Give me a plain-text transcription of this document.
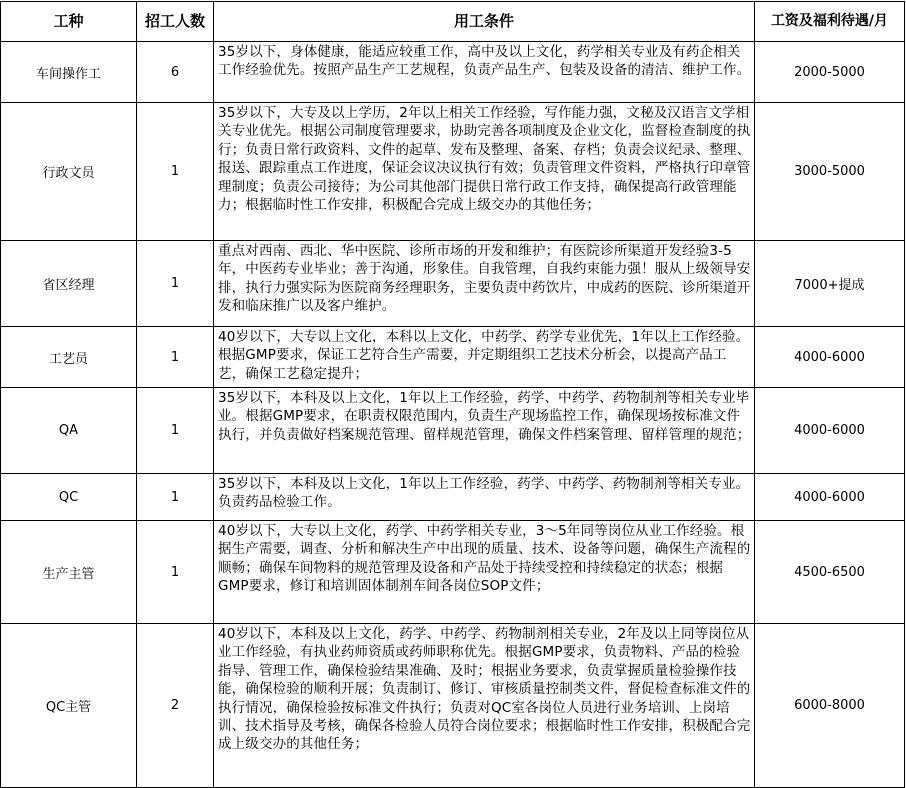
工种	招工人数	用工条件	工资及福利待遇/月
车间操作工	6	35岁以下，身体健康，能适应较重工作，高中及以上文化，药学相关专业及有药企相关工作经验优先。按照产品生产工艺规程，负责产品生产、包装及设备的清洁、维护工作。	2000-5000
行政文员	1	35岁以下，大专及以上学历，2年以上相关工作经验，写作能力强，文秘及汉语言文学相关专业优先。根据公司制度管理要求，协助完善各项制度及企业文化，监督检查制度的执行；负责日常行政资料、文件的起草、发布及整理、备案、存档；负责会议纪录、整理、报送、跟踪重点工作进度，保证会议决议执行有效；负责管理文件资料，严格执行印章管理制度；负责公司接待；为公司其他部门提供日常行政工作支持，确保提高行政管理能力；根据临时性工作安排，积极配合完成上级交办的其他任务；	3000-5000
省区经理	1	重点对西南、西北、华中医院、诊所市场的开发和维护；有医院诊所渠道开发经验3-5年，中医药专业毕业；善于沟通，形象佳。自我管理，自我约束能力强！服从上级领导安排，执行力强实际为医院商务经理职务，主要负责中药饮片，中成药的医院、诊所渠道开发和临床推广以及客户维护。	7000+提成
工艺员	1	40岁以下，大专以上文化，本科以上文化，中药学、药学专业优先，1年以上工作经验。根据GMP要求，保证工艺符合生产需要，并定期组织工艺技术分析会，以提高产品工艺，确保工艺稳定提升；	4000-6000
QA	1	35岁以下，本科及以上文化，1年以上工作经验，药学、中药学、药物制剂等相关专业毕业。根据GMP要求，在职责权限范围内，负责生产现场监控工作，确保现场按标准文件执行，并负责做好档案规范管理、留样规范管理，确保文件档案管理、留样管理的规范；	4000-6000
QC	1	35岁以下，本科及以上文化，1年以上工作经验，药学、中药学、药物制剂等相关专业。负责药品检验工作。	4000-6000
生产主管	1	40岁以下，大专以上文化，药学、中药学相关专业，3～5年同等岗位从业工作经验。根据生产需要，调查、分析和解决生产中出现的质量、技术、设备等问题，确保生产流程的顺畅；确保车间物料的规范管理及设备和产品处于持续受控和持续稳定的状态；根据GMP要求，修订和培训固体制剂车间各岗位SOP文件；	4500-6500
QC主管	2	40岁以下，本科及以上文化，药学、中药学、药物制剂相关专业，2年及以上同等岗位从业工作经验，有执业药师资质或药师职称优先。根据GMP要求，负责物料、产品的检验指导、管理工作，确保检验结果准确、及时；根据业务要求，负责掌握质量检验操作技能，确保检验的顺利开展；负责制订、修订、审核质量控制类文件，督促检查标准文件的执行情况，确保检验按标准文件执行；负责对QC室各岗位人员进行业务培训、上岗培训、技术指导及考核，确保各检验人员符合岗位要求；根据临时性工作安排，积极配合完成上级交办的其他任务；	6000-8000
